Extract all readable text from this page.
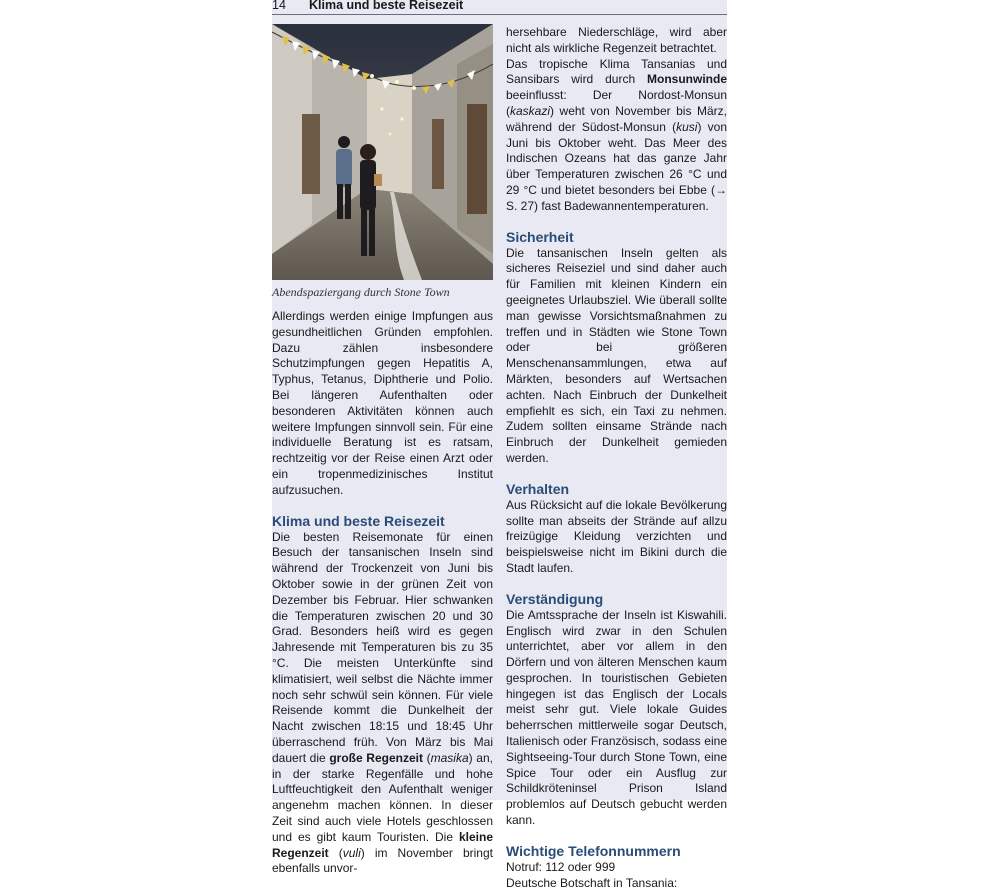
14 Klima und beste Reisezeit
Abendspaziergang durch Stone Town

Allerdings werden einige Impfungen aus gesundheitlichen Gründen empfohlen. Dazu zählen insbesondere Schutzimpfungen gegen Hepatitis A, Typhus, Tetanus, Diphtherie und Polio. Bei längeren Aufenthalten oder besonderen Aktivitäten können auch weitere Impfungen sinnvoll sein. Für eine individuelle Beratung ist es ratsam, rechtzeitig vor der Reise einen Arzt oder ein tropenmedizinisches Institut aufzusuchen.

Klima und beste Reisezeit

Die besten Reisemonate für einen Besuch der tansanischen Inseln sind während der Trockenzeit von Juni bis Oktober sowie in der grünen Zeit von Dezember bis Februar. Hier schwanken die Temperaturen zwischen 20 und 30 Grad. Besonders heiß wird es gegen Jahresende mit Temperaturen bis zu 35 °C. Die meisten Unterkünfte sind klimatisiert, weil selbst die Nächte immer noch sehr schwül sein können. Für viele Reisende kommt die Dunkelheit der Nacht zwischen 18:15 und 18:45 Uhr überraschend früh. Von März bis Mai dauert die große Regenzeit (masika) an, in der starke Regenfälle und hohe Luftfeuchtigkeit den Aufenthalt weniger angenehm machen können. In dieser Zeit sind auch viele Hotels geschlossen und es gibt kaum Touristen. Die kleine Regenzeit (vuli) im November bringt ebenfalls unvor-

hersehbare Niederschläge, wird aber nicht als wirkliche Regenzeit betrachtet.

Das tropische Klima Tansanias und Sansibars wird durch Monsunwinde beeinflusst: Der Nordost-Monsun (kaskazi) weht von November bis März, während der Südost-Monsun (kusi) von Juni bis Oktober weht. Das Meer des Indischen Ozeans hat das ganze Jahr über Temperaturen zwischen 26 °C und 29 °C und bietet besonders bei Ebbe (→ S. 27) fast Badewannentemperaturen.

Sicherheit

Die tansanischen Inseln gelten als sicheres Reiseziel und sind daher auch für Familien mit kleinen Kindern ein geeignetes Urlaubsziel. Wie überall sollte man gewisse Vorsichtsmaßnahmen zu treffen und in Städten wie Stone Town oder bei größeren Menschenansammlungen, etwa auf Märkten, besonders auf Wertsachen achten. Nach Einbruch der Dunkelheit empfiehlt es sich, ein Taxi zu nehmen. Zudem sollten einsame Strände nach Einbruch der Dunkelheit gemieden werden.

Verhalten

Aus Rücksicht auf die lokale Bevölkerung sollte man abseits der Strände auf allzu freizügige Kleidung verzichten und beispielsweise nicht im Bikini durch die Stadt laufen.

Verständigung

Die Amtssprache der Inseln ist Kiswahili. Englisch wird zwar in den Schulen unterrichtet, aber vor allem in den Dörfern und von älteren Menschen kaum gesprochen. In touristischen Gebieten hingegen ist das Englisch der Locals meist sehr gut. Viele lokale Guides beherrschen mittlerweile sogar Deutsch, Italienisch oder Französisch, sodass eine Sightseeing-Tour durch Stone Town, eine Spice Tour oder ein Ausflug zur Schildkröteninsel Prison Island problemlos auf Deutsch gebucht werden kann.

Wichtige Telefonnummern

Notruf: 112 oder 999

Deutsche Botschaft in Tansania:
